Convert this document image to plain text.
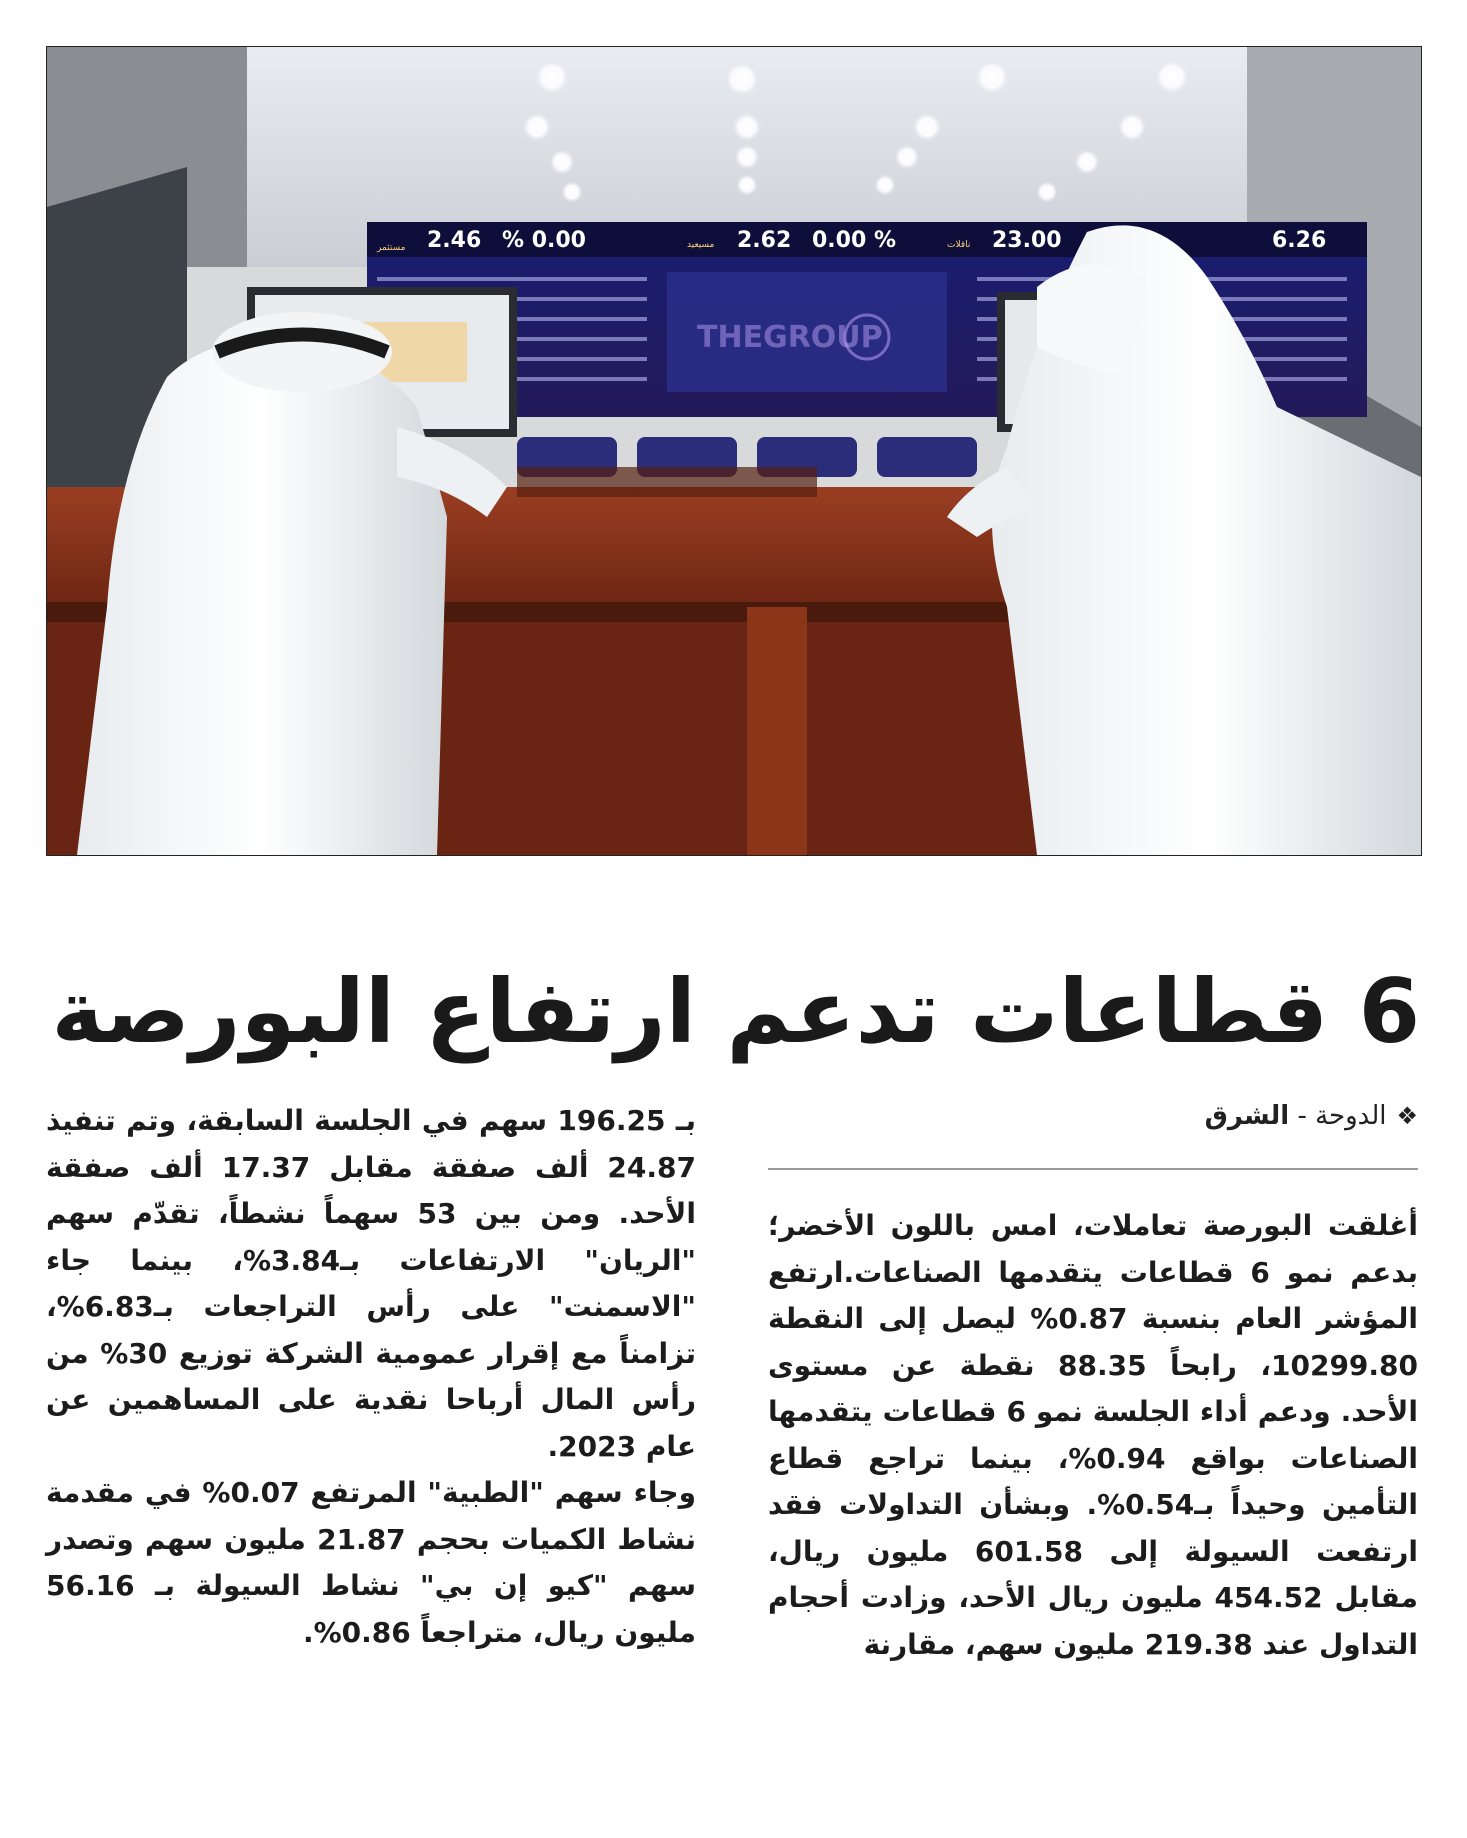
THEGROUP
مستثمر 2.46 % 0.00	مسيعيد 2.62 0.00 %	ناقلات 23.00	6.26
6 قطاعات تدعم ارتفاع البورصة
❖الدوحة - الشرق

أغلقت البورصة تعاملات، امس باللون الأخضر؛ بدعم نمو 6 قطاعات يتقدمها الصناعات.ارتفع المؤشر العام بنسبة 0.87% ليصل إلى النقطة 10299.80، رابحاً 88.35 نقطة عن مستوى الأحد. ودعم أداء الجلسة نمو 6 قطاعات يتقدمها الصناعات بواقع 0.94%، بينما تراجع قطاع التأمين وحيداً بـ0.54%. وبشأن التداولات فقد ارتفعت السيولة إلى 601.58 مليون ريال، مقابل 454.52 مليون ريال الأحد، وزادت أحجام التداول عند 219.38 مليون سهم، مقارنة

بـ 196.25 سهم في الجلسة السابقة، وتم تنفيذ 24.87 ألف صفقة مقابل 17.37 ألف صفقة الأحد. ومن بين 53 سهماً نشطاً، تقدّم سهم "الريان" الارتفاعات بـ3.84%، بينما جاء "الاسمنت" على رأس التراجعات بـ6.83%، تزامناً مع إقرار عمومية الشركة توزيع 30% من رأس المال أرباحا نقدية على المساهمين عن عام 2023.

وجاء سهم "الطبية" المرتفع 0.07% في مقدمة نشاط الكميات بحجم 21.87 مليون سهم وتصدر سهم "كيو إن بي" نشاط السيولة بـ 56.16 مليون ريال، متراجعاً 0.86%.
